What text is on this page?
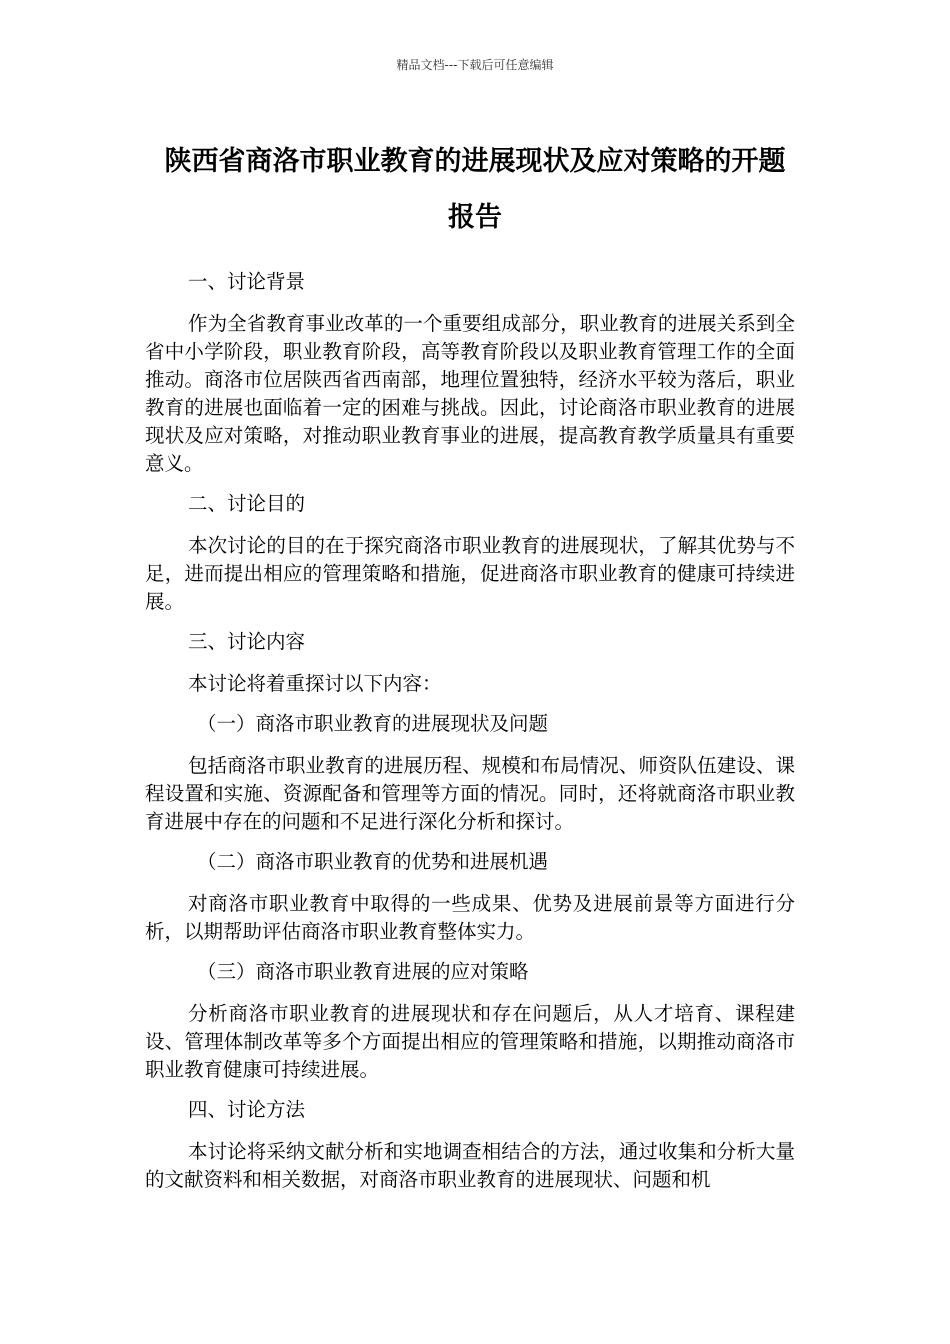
精品文档---下载后可任意编辑
陕西省商洛市职业教育的进展现状及应对策略的开题
报告

一、讨论背景

作为全省教育事业改革的一个重要组成部分，职业教育的进展关系到全省中小学阶段，职业教育阶段，高等教育阶段以及职业教育管理工作的全面推动。商洛市位居陕西省西南部，地理位置独特，经济水平较为落后，职业教育的进展也面临着一定的困难与挑战。因此，讨论商洛市职业教育的进展现状及应对策略，对推动职业教育事业的进展，提高教育教学质量具有重要意义。

二、讨论目的

本次讨论的目的在于探究商洛市职业教育的进展现状，了解其优势与不足，进而提出相应的管理策略和措施，促进商洛市职业教育的健康可持续进展。

三、讨论内容

本讨论将着重探讨以下内容：

（一）商洛市职业教育的进展现状及问题

包括商洛市职业教育的进展历程、规模和布局情况、师资队伍建设、课程设置和实施、资源配备和管理等方面的情况。同时，还将就商洛市职业教育进展中存在的问题和不足进行深化分析和探讨。

（二）商洛市职业教育的优势和进展机遇

对商洛市职业教育中取得的一些成果、优势及进展前景等方面进行分析，以期帮助评估商洛市职业教育整体实力。

（三）商洛市职业教育进展的应对策略

分析商洛市职业教育的进展现状和存在问题后，从人才培育、课程建设、管理体制改革等多个方面提出相应的管理策略和措施，以期推动商洛市职业教育健康可持续进展。

四、讨论方法

本讨论将采纳文献分析和实地调查相结合的方法，通过收集和分析大量的文献资料和相关数据，对商洛市职业教育的进展现状、问题和机
